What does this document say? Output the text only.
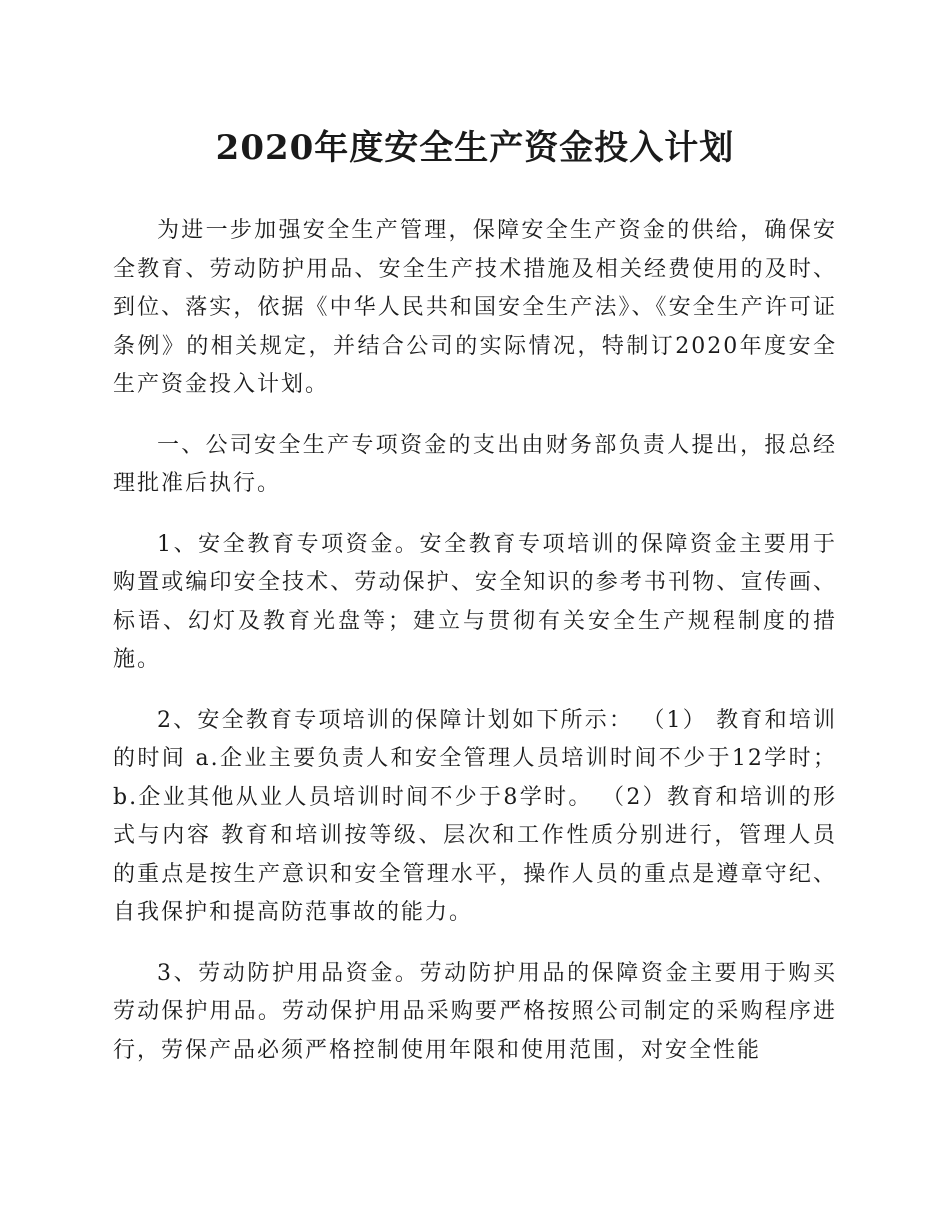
2020年度安全生产资金投入计划

为进一步加强安全生产管理，保障安全生产资金的供给，确保安全教育、劳动防护用品、安全生产技术措施及相关经费使用的及时、到位、落实，依据《中华人民共和国安全生产法》、《安全生产许可证条例》的相关规定，并结合公司的实际情况，特制订2020年度安全生产资金投入计划。

一、公司安全生产专项资金的支出由财务部负责人提出，报总经理批准后执行。

1、安全教育专项资金。安全教育专项培训的保障资金主要用于购置或编印安全技术、劳动保护、安全知识的参考书刊物、宣传画、标语、幻灯及教育光盘等；建立与贯彻有关安全生产规程制度的措施。

2、安全教育专项培训的保障计划如下所示： （1） 教育和培训的时间 a.企业主要负责人和安全管理人员培训时间不少于12学时； b.企业其他从业人员培训时间不少于8学时。 （2）教育和培训的形式与内容 教育和培训按等级、层次和工作性质分别进行，管理人员的重点是按生产意识和安全管理水平，操作人员的重点是遵章守纪、自我保护和提高防范事故的能力。

3、劳动防护用品资金。劳动防护用品的保障资金主要用于购买劳动保护用品。劳动保护用品采购要严格按照公司制定的采购程序进行，劳保产品必须严格控制使用年限和使用范围，对安全性能
